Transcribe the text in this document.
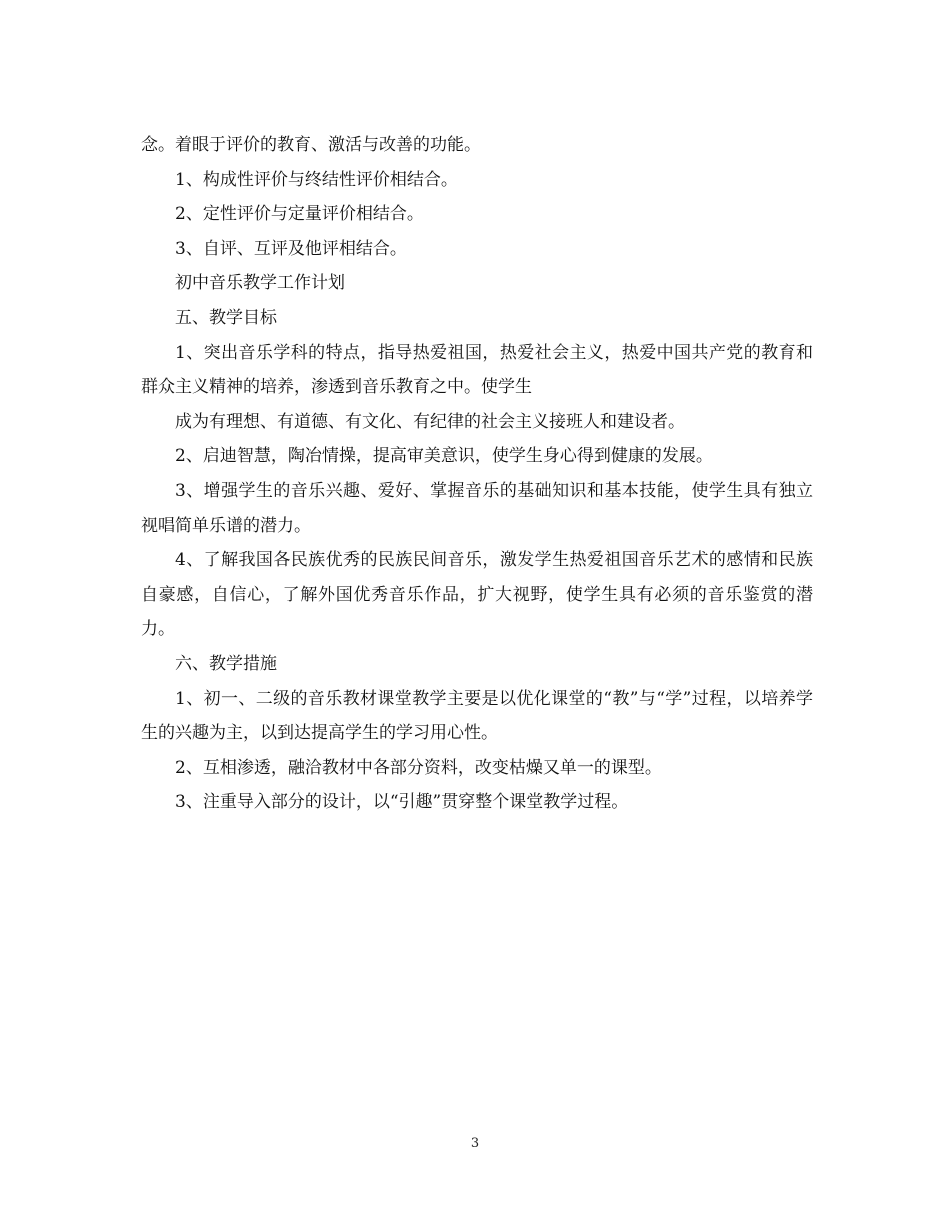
念。着眼于评价的教育、激活与改善的功能。

1、构成性评价与终结性评价相结合。

2、定性评价与定量评价相结合。

3、自评、互评及他评相结合。

初中音乐教学工作计划

五、教学目标

1、突出音乐学科的特点，指导热爱祖国，热爱社会主义，热爱中国共产党的教育和群众主义精神的培养，渗透到音乐教育之中。使学生

成为有理想、有道德、有文化、有纪律的社会主义接班人和建设者。

2、启迪智慧，陶冶情操，提高审美意识，使学生身心得到健康的发展。

3、增强学生的音乐兴趣、爱好、掌握音乐的基础知识和基本技能，使学生具有独立视唱简单乐谱的潜力。

4、了解我国各民族优秀的民族民间音乐，激发学生热爱祖国音乐艺术的感情和民族自豪感，自信心，了解外国优秀音乐作品，扩大视野，使学生具有必须的音乐鉴赏的潜力。

六、教学措施

1、初一、二级的音乐教材课堂教学主要是以优化课堂的“教”与“学”过程，以培养学生的兴趣为主，以到达提高学生的学习用心性。

2、互相渗透，融洽教材中各部分资料，改变枯燥又单一的课型。

3、注重导入部分的设计，以“引趣”贯穿整个课堂教学过程。

3
